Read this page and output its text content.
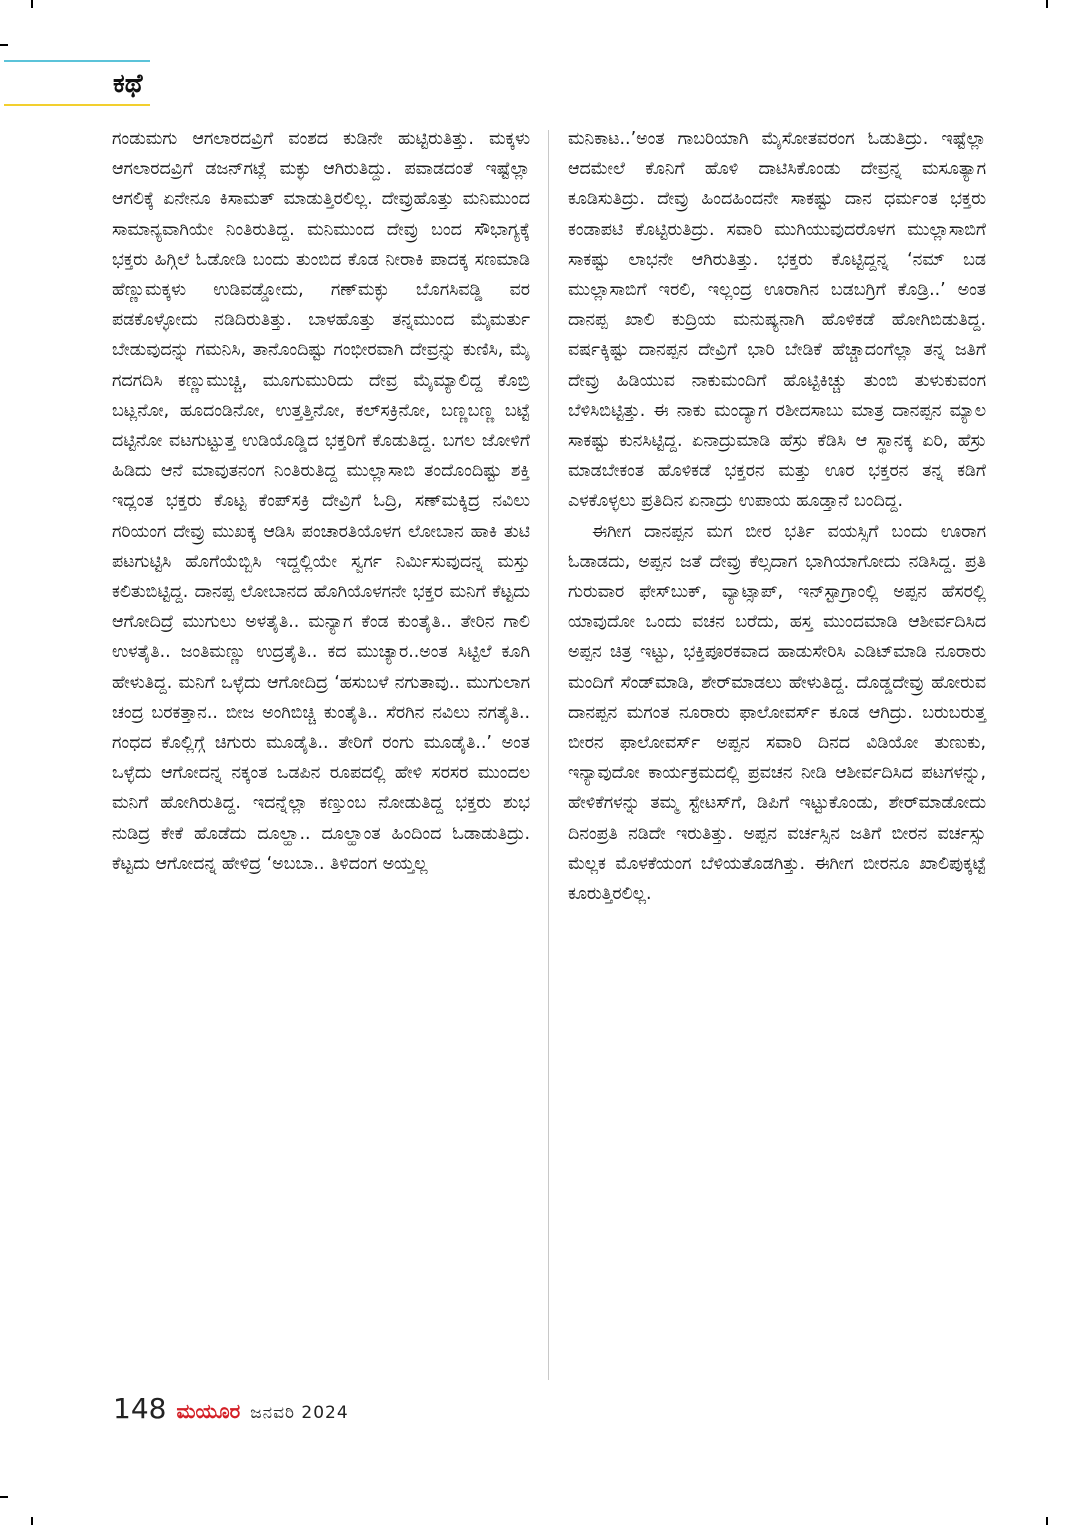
ಕಥೆ

ಗಂಡುಮಗು ಆಗಲಾರದವ್ರಿಗೆ ವಂಶದ ಕುಡಿನೇ ಹುಟ್ಟಿರುತಿತ್ತು. ಮಕ್ಕಳು ಆಗಲಾರದವ್ರಿಗೆ ಡಜನ್‌ಗಟ್ಲೆ ಮಕ್ಳು ಆಗಿರುತಿದ್ದು. ಪವಾಡದಂತೆ ಇಷ್ಟೆಲ್ಲಾ ಆಗಲಿಕ್ಕೆ ಏನೇನೂ ಕಿಸಾಮತ್ ಮಾಡುತ್ತಿರಲಿಲ್ಲ. ದೇವ್ರುಹೊತ್ತು ಮನಿಮುಂದ ಸಾಮಾನ್ಯವಾಗಿಯೇ ನಿಂತಿರುತಿದ್ದ. ಮನಿಮುಂದ ದೇವ್ರು ಬಂದ ಸೌಭಾಗ್ಯಕ್ಕೆ ಭಕ್ತರು ಹಿಗ್ಗಿಲೆ ಓಡೋಡಿ ಬಂದು ತುಂಬಿದ ಕೊಡ ನೀರಾಕಿ ಪಾದಕ್ಕ ಸಣಮಾಡಿ ಹೆಣ್ಣುಮಕ್ಕಳು ಉಡಿವಡ್ಡೋದು, ಗಣ್‌ಮಕ್ಳು ಬೊಗಸಿವಡ್ಡಿ ವರ ಪಡಕೊಳ್ಳೋದು ನಡಿದಿರುತಿತ್ತು. ಬಾಳಹೊತ್ತು ತನ್ನಮುಂದ ಮೈಮರ್ತು ಬೇಡುವುದನ್ನು ಗಮನಿಸಿ, ತಾನೊಂದಿಷ್ಟು ಗಂಭೀರವಾಗಿ ದೇವ್ರನ್ನು ಕುಣಿಸಿ, ಮೈ ಗದಗದಿಸಿ ಕಣ್ಣುಮುಚ್ಚಿ, ಮೂಗುಮುರಿದು ದೇವ್ರ ಮೈಮ್ಯಾಲಿದ್ದ ಕೊಬ್ರಿ ಬಟ್ಲನೋ, ಹೂದಂಡಿನೋ, ಉತ್ತತ್ತಿನೋ, ಕಲ್‌ಸಕ್ರಿನೋ, ಬಣ್ಣಬಣ್ಣ ಬಟ್ಟೆ ದಟ್ಟಿನೋ ವಟಗುಟ್ಟುತ್ತ ಉಡಿಯೊಡ್ಡಿದ ಭಕ್ತರಿಗೆ ಕೊಡುತಿದ್ದ. ಬಗಲ ಜೋಳಿಗೆ ಹಿಡಿದು ಆನೆ ಮಾವುತನಂಗ ನಿಂತಿರುತಿದ್ದ ಮುಲ್ಲಾಸಾಬಿ ತಂದೊಂದಿಷ್ಟು ಶಕ್ತಿ ಇದ್ಲಂತ ಭಕ್ತರು ಕೊಟ್ಟ ಕೆಂಪ್‌ಸಕ್ರಿ ದೇವ್ರಿಗೆ ಓದ್ರಿ, ಸಣ್‌ಮಕ್ಕಿದ್ರ ನವಿಲು ಗರಿಯಂಗ ದೇವ್ರು ಮುಖಕ್ಕ ಆಡಿಸಿ ಪಂಚಾರತಿಯೊಳಗ ಲೋಬಾನ ಹಾಕಿ ತುಟಿ ಪಟಗುಟ್ಟಿಸಿ ಹೊಗೆಯೆಬ್ಬಿಸಿ ಇದ್ದಲ್ಲಿಯೇ ಸ್ವರ್ಗ ನಿರ್ಮಿಸುವುದನ್ನ ಮಸ್ತು ಕಲಿತುಬಿಟ್ಟಿದ್ದ. ದಾನಪ್ಪ ಲೋಬಾನದ ಹೊಗಿಯೊಳಗನೇ ಭಕ್ತರ ಮನಿಗೆ ಕೆಟ್ಟದು ಆಗೋದಿದ್ರೆ ಮುಗುಲು ಅಳತೈತಿ.. ಮನ್ಯಾಗ ಕೆಂಡ ಕುಂತೈತಿ.. ತೇರಿನ ಗಾಲಿ ಉಳತೈತಿ.. ಜಂತಿಮಣ್ಣು ಉದ್ರತೈತಿ.. ಕದ ಮುಚ್ಯಾರ..ಅಂತ ಸಿಟ್ಟಿಲೆ ಕೂಗಿ ಹೇಳುತಿದ್ದ. ಮನಿಗೆ ಒಳ್ಳೆದು ಆಗೋದಿದ್ರ ‘ಹಸುಬಳೆ ನಗುತಾವು.. ಮುಗುಲಾಗ ಚಂದ್ರ ಬರಕತ್ತಾನ.. ಬೀಜ ಅಂಗಿಬಿಚ್ಚಿ ಕುಂತೈತಿ.. ಸೆರಗಿನ ನವಿಲು ನಗತೈತಿ.. ಗಂಧದ ಕೊಲ್ಲಿಗ್ಗೆ ಚಿಗುರು ಮೂಡೈತಿ.. ತೇರಿಗೆ ರಂಗು ಮೂಡೈತಿ..’ ಅಂತ ಒಳ್ಳೆದು ಆಗೋದನ್ನ ನಕ್ಕಂತ ಒಡಪಿನ ರೂಪದಲ್ಲಿ ಹೇಳಿ ಸರಸರ ಮುಂದಲ ಮನಿಗೆ ಹೋಗಿರುತಿದ್ದ. ಇದನ್ನೆಲ್ಲಾ ಕಣ್ತುಂಬ ನೋಡುತಿದ್ದ ಭಕ್ತರು ಶುಭ ನುಡಿದ್ರ ಕೇಕೆ ಹೊಡೆದು ದೂಲ್ಹಾ.. ದೂಲ್ಹಾಂತ ಹಿಂದಿಂದ ಓಡಾಡುತಿದ್ರು. ಕೆಟ್ಟದು ಆಗೋದನ್ನ ಹೇಳಿದ್ರ ‘ಅಬಬಾ.. ತಿಳಿದಂಗ ಅಯ್ತಲ್ಲ

ಮನಿಕಾಟ..’ಅಂತ ಗಾಬರಿಯಾಗಿ ಮೈಸೋತವರಂಗ ಓಡುತಿದ್ರು. ಇಷ್ಟೆಲ್ಲಾ ಆದಮೇಲೆ ಕೊನಿಗೆ ಹೊಳಿ ದಾಟಿಸಿಕೊಂಡು ದೇವ್ರನ್ನ ಮಸೂತ್ಯಾಗ ಕೂಡಿಸುತಿದ್ರು. ದೇವ್ರು ಹಿಂದಹಿಂದನೇ ಸಾಕಷ್ಟು ದಾನ ಧರ್ಮಂತ ಭಕ್ತರು ಕಂಡಾಪಟಿ ಕೊಟ್ಟಿರುತಿದ್ರು. ಸವಾರಿ ಮುಗಿಯುವುದರೊಳಗ ಮುಲ್ಲಾಸಾಬಿಗೆ ಸಾಕಷ್ಟು ಲಾಭನೇ ಆಗಿರುತಿತ್ತು. ಭಕ್ತರು ಕೊಟ್ಟಿದ್ದನ್ನ ‘ನಮ್ ಬಡ ಮುಲ್ಲಾಸಾಬಿಗೆ ಇರಲಿ, ಇಲ್ಲಂದ್ರ ಊರಾಗಿನ ಬಡಬಗ್ರಿಗೆ ಕೊಡ್ರಿ..’ ಅಂತ ದಾನಪ್ಪ ಖಾಲಿ ಕುದ್ರಿಯ ಮನುಷ್ಯನಾಗಿ ಹೊಳಿಕಡೆ ಹೋಗಿಬಿಡುತಿದ್ದ. ವರ್ಷಕ್ಕಿಷ್ಟು ದಾನಪ್ಪನ ದೇವ್ರಿಗೆ ಭಾರಿ ಬೇಡಿಕೆ ಹೆಚ್ಚಾದಂಗೆಲ್ಲಾ ತನ್ನ ಜತಿಗೆ ದೇವ್ರು ಹಿಡಿಯುವ ನಾಕುಮಂದಿಗೆ ಹೊಟ್ಟಿಕಿಚ್ಚು ತುಂಬಿ ತುಳುಕುವಂಗ ಬೆಳಿಸಿಬಿಟ್ಟಿತ್ತು. ಈ ನಾಕು ಮಂದ್ಯಾಗ ರಶೀದಸಾಬು ಮಾತ್ರ ದಾನಪ್ಪನ ಮ್ಯಾಲ ಸಾಕಷ್ಟು ಕುನಸಿಟ್ಟಿದ್ದ. ಏನಾದ್ರುಮಾಡಿ ಹೆಸ್ರು ಕೆಡಿಸಿ ಆ ಸ್ಥಾನಕ್ಕ ಏರಿ, ಹೆಸ್ರು ಮಾಡಬೇಕಂತ ಹೊಳಿಕಡೆ ಭಕ್ತರನ ಮತ್ತು ಊರ ಭಕ್ತರನ ತನ್ನ ಕಡಿಗೆ ಎಳಕೊಳ್ಳಲು ಪ್ರತಿದಿನ ಏನಾದ್ರು ಉಪಾಯ ಹೂಡ್ತಾನೆ ಬಂದಿದ್ದ.

ಈಗೀಗ ದಾನಪ್ಪನ ಮಗ ಬೀರ ಭರ್ತಿ ವಯಸ್ಸಿಗೆ ಬಂದು ಊರಾಗ ಓಡಾಡದು, ಅಪ್ಪನ ಜತೆ ದೇವ್ರು ಕೆಲ್ಸದಾಗ ಭಾಗಿಯಾಗೋದು ನಡಿಸಿದ್ದ. ಪ್ರತಿ ಗುರುವಾರ ಫೇಸ್‌ಬುಕ್, ವ್ಯಾಟ್ಸಾಪ್, ಇನ್‌ಸ್ಟಾಗ್ರಾಂಲ್ಲಿ ಅಪ್ಪನ ಹೆಸರಲ್ಲಿ ಯಾವುದೋ ಒಂದು ವಚನ ಬರೆದು, ಹಸ್ತ ಮುಂದಮಾಡಿ ಆಶೀರ್ವದಿಸಿದ ಅಪ್ಪನ ಚಿತ್ರ ಇಟ್ಟು, ಭಕ್ತಿಪೂರಕವಾದ ಹಾಡುಸೇರಿಸಿ ಎಡಿಟ್‌ಮಾಡಿ ನೂರಾರು ಮಂದಿಗೆ ಸೆಂಡ್‌ಮಾಡಿ, ಶೇರ್‌ಮಾಡಲು ಹೇಳುತಿದ್ದ. ದೊಡ್ಡದೇವ್ರು ಹೋರುವ ದಾನಪ್ಪನ ಮಗಂತ ನೂರಾರು ಫಾಲೋವರ್ಸ್ ಕೂಡ ಆಗಿದ್ರು. ಬರುಬರುತ್ತ ಬೀರನ ಫಾಲೋವರ್ಸ್ ಅಪ್ಪನ ಸವಾರಿ ದಿನದ ವಿಡಿಯೋ ತುಣುಕು, ಇನ್ಯಾವುದೋ ಕಾರ್ಯಕ್ರಮದಲ್ಲಿ ಪ್ರವಚನ ನೀಡಿ ಆಶೀರ್ವದಿಸಿದ ಪಟಗಳನ್ನು, ಹೇಳಿಕೆಗಳನ್ನು ತಮ್ಮ ಸ್ಟೇಟಸ್‌ಗೆ, ಡಿಪಿಗೆ ಇಟ್ಟುಕೊಂಡು, ಶೇರ್‌ಮಾಡೋದು ದಿನಂಪ್ರತಿ ನಡಿದೇ ಇರುತಿತ್ತು. ಅಪ್ಪನ ವರ್ಚಸ್ಸಿನ ಜತಿಗೆ ಬೀರನ ವರ್ಚಸ್ಸು ಮೆಲ್ಲಕ ಮೊಳಕೆಯಂಗ ಬೆಳಿಯತೊಡಗಿತ್ತು. ಈಗೀಗ ಬೀರನೂ ಖಾಲಿಪುಕ್ಕಟ್ಟೆ ಕೂರುತ್ತಿರಲಿಲ್ಲ.

148 ಮಯೂರ ಜನವರಿ 2024
